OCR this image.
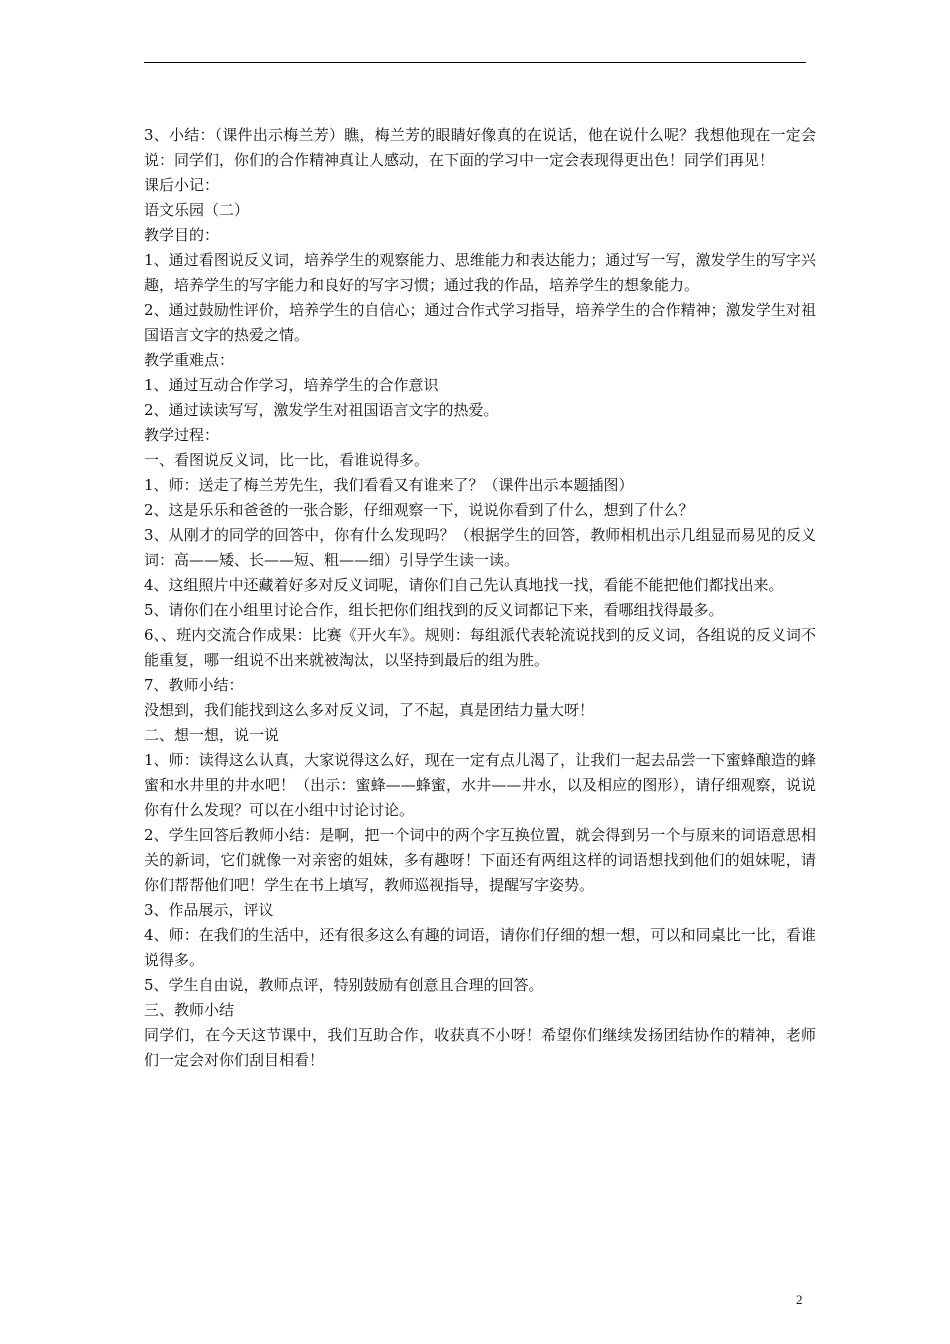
3、小结：（课件出示梅兰芳）瞧，梅兰芳的眼睛好像真的在说话，他在说什么呢？我想他现在一定会说：同学们，你们的合作精神真让人感动，在下面的学习中一定会表现得更出色！同学们再见！

课后小记：

语文乐园（二）

教学目的：

1、通过看图说反义词，培养学生的观察能力、思维能力和表达能力；通过写一写，激发学生的写字兴趣，培养学生的写字能力和良好的写字习惯；通过我的作品，培养学生的想象能力。

2、通过鼓励性评价，培养学生的自信心；通过合作式学习指导，培养学生的合作精神；激发学生对祖国语言文字的热爱之情。

教学重难点：

1、通过互动合作学习，培养学生的合作意识

2、通过读读写写，激发学生对祖国语言文字的热爱。

教学过程：

一、看图说反义词，比一比，看谁说得多。

1、师：送走了梅兰芳先生，我们看看又有谁来了？（课件出示本题插图）

2、这是乐乐和爸爸的一张合影，仔细观察一下，说说你看到了什么，想到了什么？

3、从刚才的同学的回答中，你有什么发现吗？（根据学生的回答，教师相机出示几组显而易见的反义词：高——矮、长——短、粗——细）引导学生读一读。

4、这组照片中还藏着好多对反义词呢，请你们自己先认真地找一找，看能不能把他们都找出来。

5、请你们在小组里讨论合作，组长把你们组找到的反义词都记下来，看哪组找得最多。

6、、班内交流合作成果：比赛《开火车》。规则：每组派代表轮流说找到的反义词，各组说的反义词不能重复，哪一组说不出来就被淘汰，以坚持到最后的组为胜。

7、教师小结：

没想到，我们能找到这么多对反义词，了不起，真是团结力量大呀！

二、想一想，说一说

1、师：读得这么认真，大家说得这么好，现在一定有点儿渴了，让我们一起去品尝一下蜜蜂酿造的蜂蜜和水井里的井水吧！（出示：蜜蜂——蜂蜜，水井——井水，以及相应的图形），请仔细观察，说说你有什么发现？可以在小组中讨论讨论。

2、学生回答后教师小结：是啊，把一个词中的两个字互换位置，就会得到另一个与原来的词语意思相关的新词，它们就像一对亲密的姐妹，多有趣呀！下面还有两组这样的词语想找到他们的姐妹呢，请你们帮帮他们吧！学生在书上填写，教师巡视指导，提醒写字姿势。

3、作品展示，评议

4、师：在我们的生活中，还有很多这么有趣的词语，请你们仔细的想一想，可以和同桌比一比，看谁说得多。

5、学生自由说，教师点评，特别鼓励有创意且合理的回答。

三、教师小结

同学们，在今天这节课中，我们互助合作，收获真不小呀！希望你们继续发扬团结协作的精神，老师们一定会对你们刮目相看！

2
